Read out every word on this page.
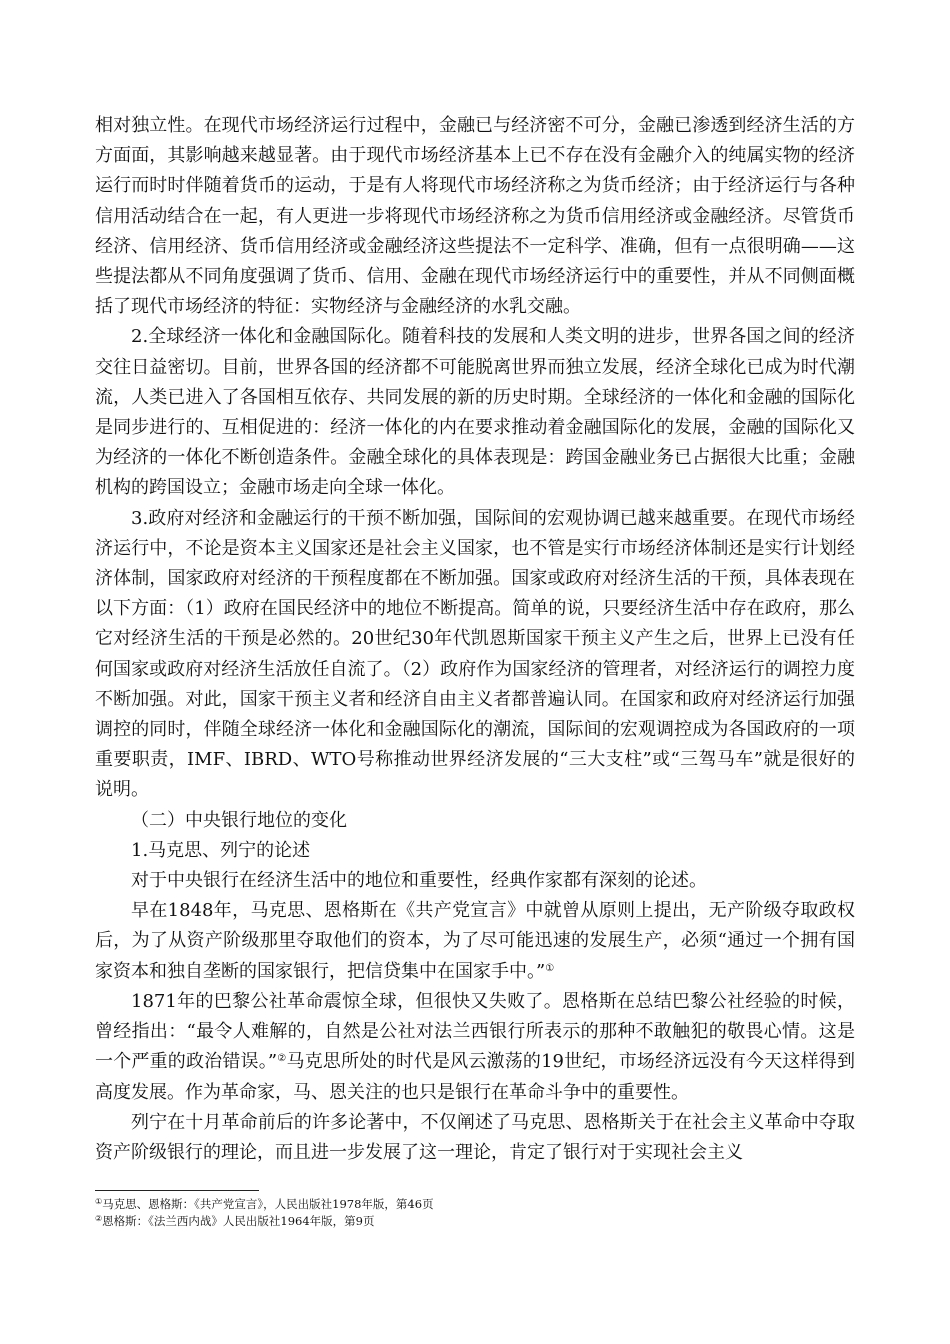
相对独立性。在现代市场经济运行过程中，金融已与经济密不可分，金融已渗透到经济生活的方方面面，其影响越来越显著。由于现代市场经济基本上已不存在没有金融介入的纯属实物的经济运行而时时伴随着货币的运动，于是有人将现代市场经济称之为货币经济；由于经济运行与各种信用活动结合在一起，有人更进一步将现代市场经济称之为货币信用经济或金融经济。尽管货币经济、信用经济、货币信用经济或金融经济这些提法不一定科学、准确，但有一点很明确——这些提法都从不同角度强调了货币、信用、金融在现代市场经济运行中的重要性，并从不同侧面概括了现代市场经济的特征：实物经济与金融经济的水乳交融。

2.全球经济一体化和金融国际化。随着科技的发展和人类文明的进步，世界各国之间的经济交往日益密切。目前，世界各国的经济都不可能脱离世界而独立发展，经济全球化已成为时代潮流，人类已进入了各国相互依存、共同发展的新的历史时期。全球经济的一体化和金融的国际化是同步进行的、互相促进的：经济一体化的内在要求推动着金融国际化的发展，金融的国际化又为经济的一体化不断创造条件。金融全球化的具体表现是：跨国金融业务已占据很大比重；金融机构的跨国设立；金融市场走向全球一体化。

3.政府对经济和金融运行的干预不断加强，国际间的宏观协调已越来越重要。在现代市场经济运行中，不论是资本主义国家还是社会主义国家，也不管是实行市场经济体制还是实行计划经济体制，国家政府对经济的干预程度都在不断加强。国家或政府对经济生活的干预，具体表现在以下方面：（1）政府在国民经济中的地位不断提高。简单的说，只要经济生活中存在政府，那么它对经济生活的干预是必然的。20世纪30年代凯恩斯国家干预主义产生之后，世界上已没有任何国家或政府对经济生活放任自流了。（2）政府作为国家经济的管理者，对经济运行的调控力度不断加强。对此，国家干预主义者和经济自由主义者都普遍认同。在国家和政府对经济运行加强调控的同时，伴随全球经济一体化和金融国际化的潮流，国际间的宏观调控成为各国政府的一项重要职责，IMF、IBRD、WTO号称推动世界经济发展的“三大支柱”或“三驾马车”就是很好的说明。

（二）中央银行地位的变化

1.马克思、列宁的论述

对于中央银行在经济生活中的地位和重要性，经典作家都有深刻的论述。

早在1848年，马克思、恩格斯在《共产党宣言》中就曾从原则上提出，无产阶级夺取政权后，为了从资产阶级那里夺取他们的资本，为了尽可能迅速的发展生产，必须“通过一个拥有国家资本和独自垄断的国家银行，把信贷集中在国家手中。”①

1871年的巴黎公社革命震惊全球，但很快又失败了。恩格斯在总结巴黎公社经验的时候，曾经指出：“最令人难解的，自然是公社对法兰西银行所表示的那种不敢触犯的敬畏心情。这是一个严重的政治错误。”②马克思所处的时代是风云激荡的19世纪，市场经济远没有今天这样得到高度发展。作为革命家，马、恩关注的也只是银行在革命斗争中的重要性。

列宁在十月革命前后的许多论著中，不仅阐述了马克思、恩格斯关于在社会主义革命中夺取资产阶级银行的理论，而且进一步发展了这一理论，肯定了银行对于实现社会主义

①马克思、恩格斯：《共产党宣言》，人民出版社1978年版，第46页

②恩格斯：《法兰西内战》人民出版社1964年版，第9页
